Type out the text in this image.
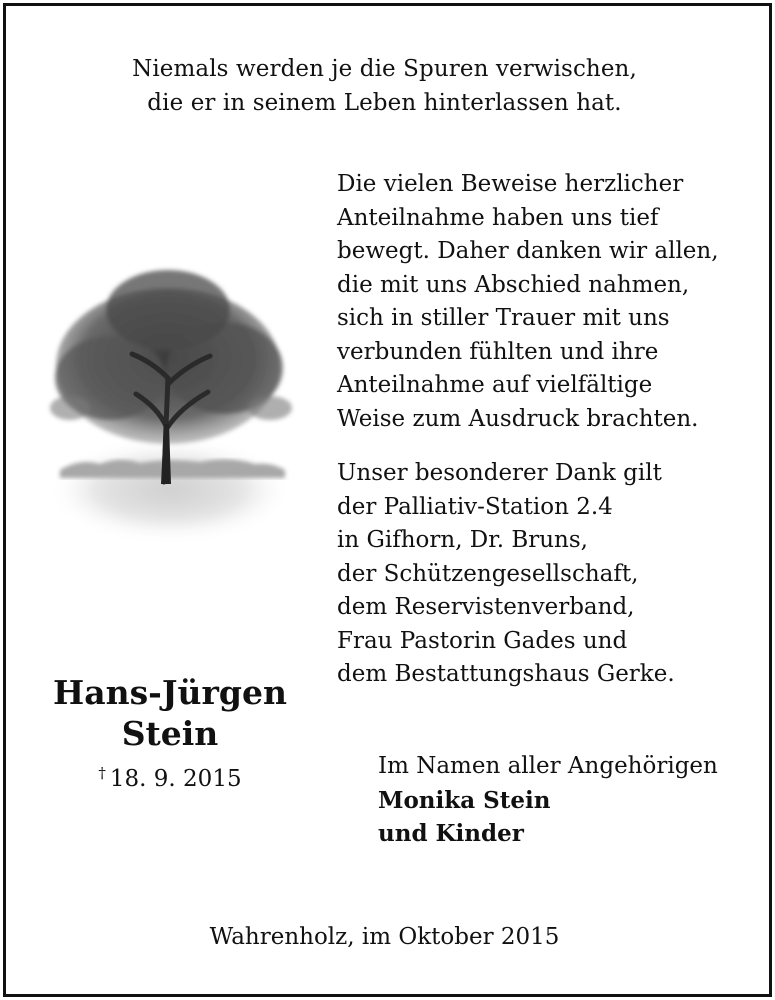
Niemals werden je die Spuren verwischen,
die er in seinem Leben hinterlassen hat.
Die vielen Beweise herzlicher
Anteilnahme haben uns tief
bewegt. Daher danken wir allen,
die mit uns Abschied nahmen,
sich in stiller Trauer mit uns
verbunden fühlten und ihre
Anteilnahme auf vielfältige
Weise zum Ausdruck brachten.
Unser besonderer Dank gilt
der Palliativ-Station 2.4
in Gifhorn, Dr. Bruns,
der Schützengesellschaft,
dem Reservistenverband,
Frau Pastorin Gades und
dem Bestattungshaus Gerke.
Hans-Jürgen
Stein
† 18. 9. 2015	Im Namen aller Angehörigen
Monika Stein
und Kinder
Wahrenholz, im Oktober 2015
